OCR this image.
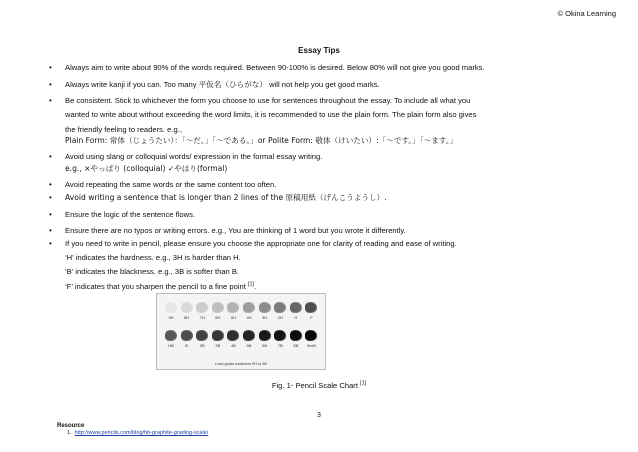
© Okina Learning
Essay Tips
• Always aim to write about 90% of the words required. Between 90-100% is desired. Below 80% will not give you good marks.
• Always write kanji if you can. Too many 平仮名（ひらがな） will not help you get good marks.
• Be consistent. Stick to whichever the form you choose to use for sentences throughout the essay. To include all what you
wanted to write about without exceeding the word limits, it is recommended to use the plain form. The plain form also gives
the friendly feeling to readers. e.g.,
Plain Form: 常体（じょうたい）：「～だ。」「～である。」or Polite Form: 敬体（けいたい）:「～です。」「～ます。」
• Avoid using slang or colloquial words/ expression in the formal essay writing.
e.g., ×やっぱり (colloquial) ✓やはり(formal)
• Avoid repeating the same words or the same content too often.
• Avoid writing a sentence that is longer than 2 lines of the 原稿用紙（げんこうようし）.
• Ensure the logic of the sentence flows.
• Ensure there are no typos or writing errors. e.g., You are thinking of 1 word but you wrote it differently.
• If you need to write in pencil, please ensure you choose the appropriate one for clarity of reading and ease of writing.
‘H’ indicates the hardness. e.g., 3H is harder than H.
‘B’ indicates the blackness. e.g., 3B is softer than B.
‘F’ indicates that you sharpen the pencil to a fine point [1].
Lead grade swatches 9H to 9B
9H	8H	7H	6H	5H	4H	3H	2H	H	F
HB	B	2B	3B	4B	5B	6B	7B	8B	9xxB
Fig. 1- Pencil Scale Chart [1]
3
Resource
1. http://www.pencils.com/blog/hb-graphite-grading-scale/
